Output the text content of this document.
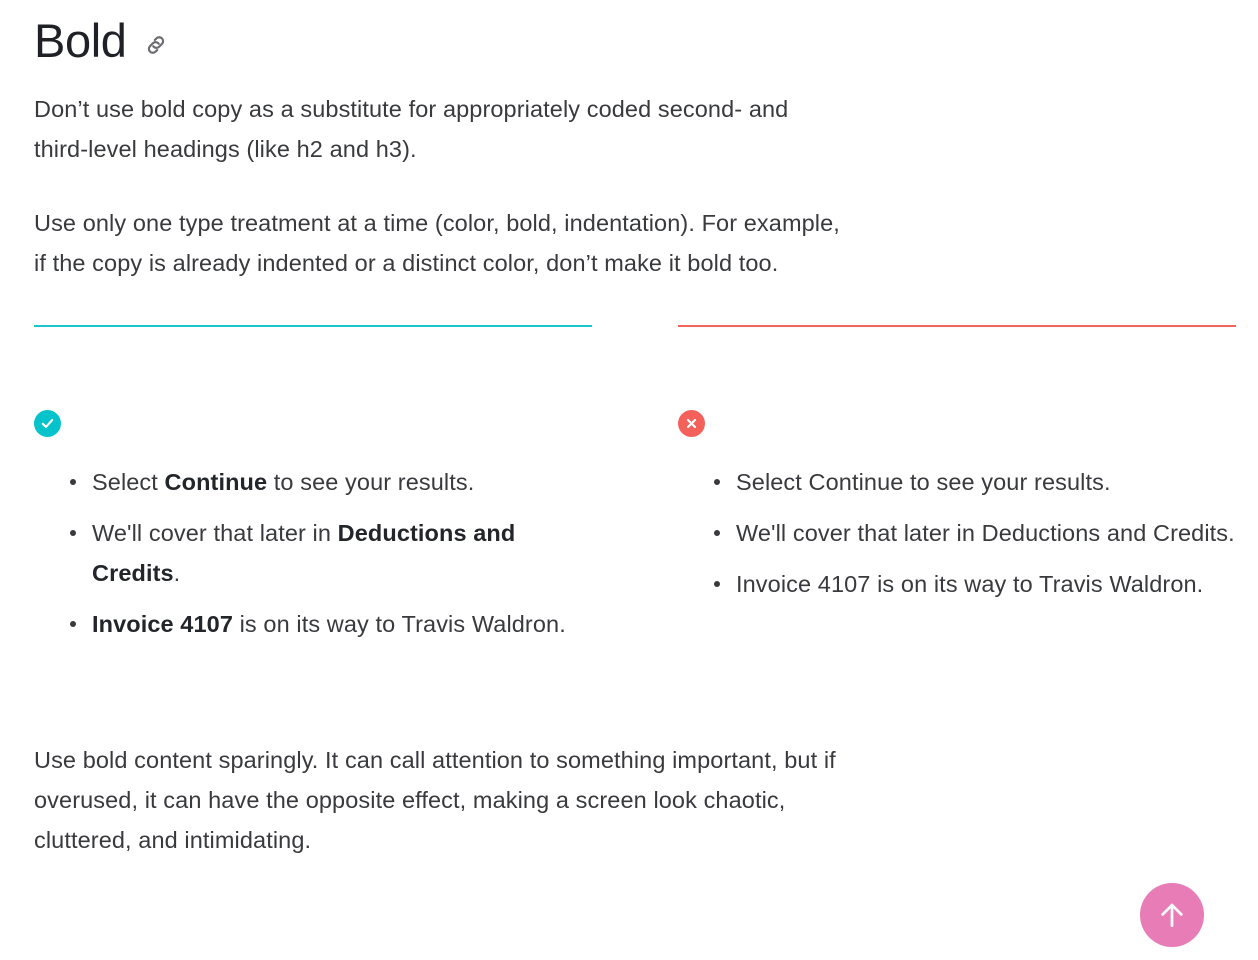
Bold

Don’t use bold copy as a substitute for appropriately coded second- and
third-level headings (like h2 and h3).

Use only one type treatment at a time (color, bold, indentation). For example,
if the copy is already indented or a distinct color, don’t make it bold too.

Select Continue to see your results.
We'll cover that later in Deductions and Credits.
Invoice 4107 is on its way to Travis Waldron.
Select Continue to see your results.
We'll cover that later in Deductions and Credits.
Invoice 4107 is on its way to Travis Waldron.

Use bold content sparingly. It can call attention to something important, but if
overused, it can have the opposite effect, making a screen look chaotic,
cluttered, and intimidating.
